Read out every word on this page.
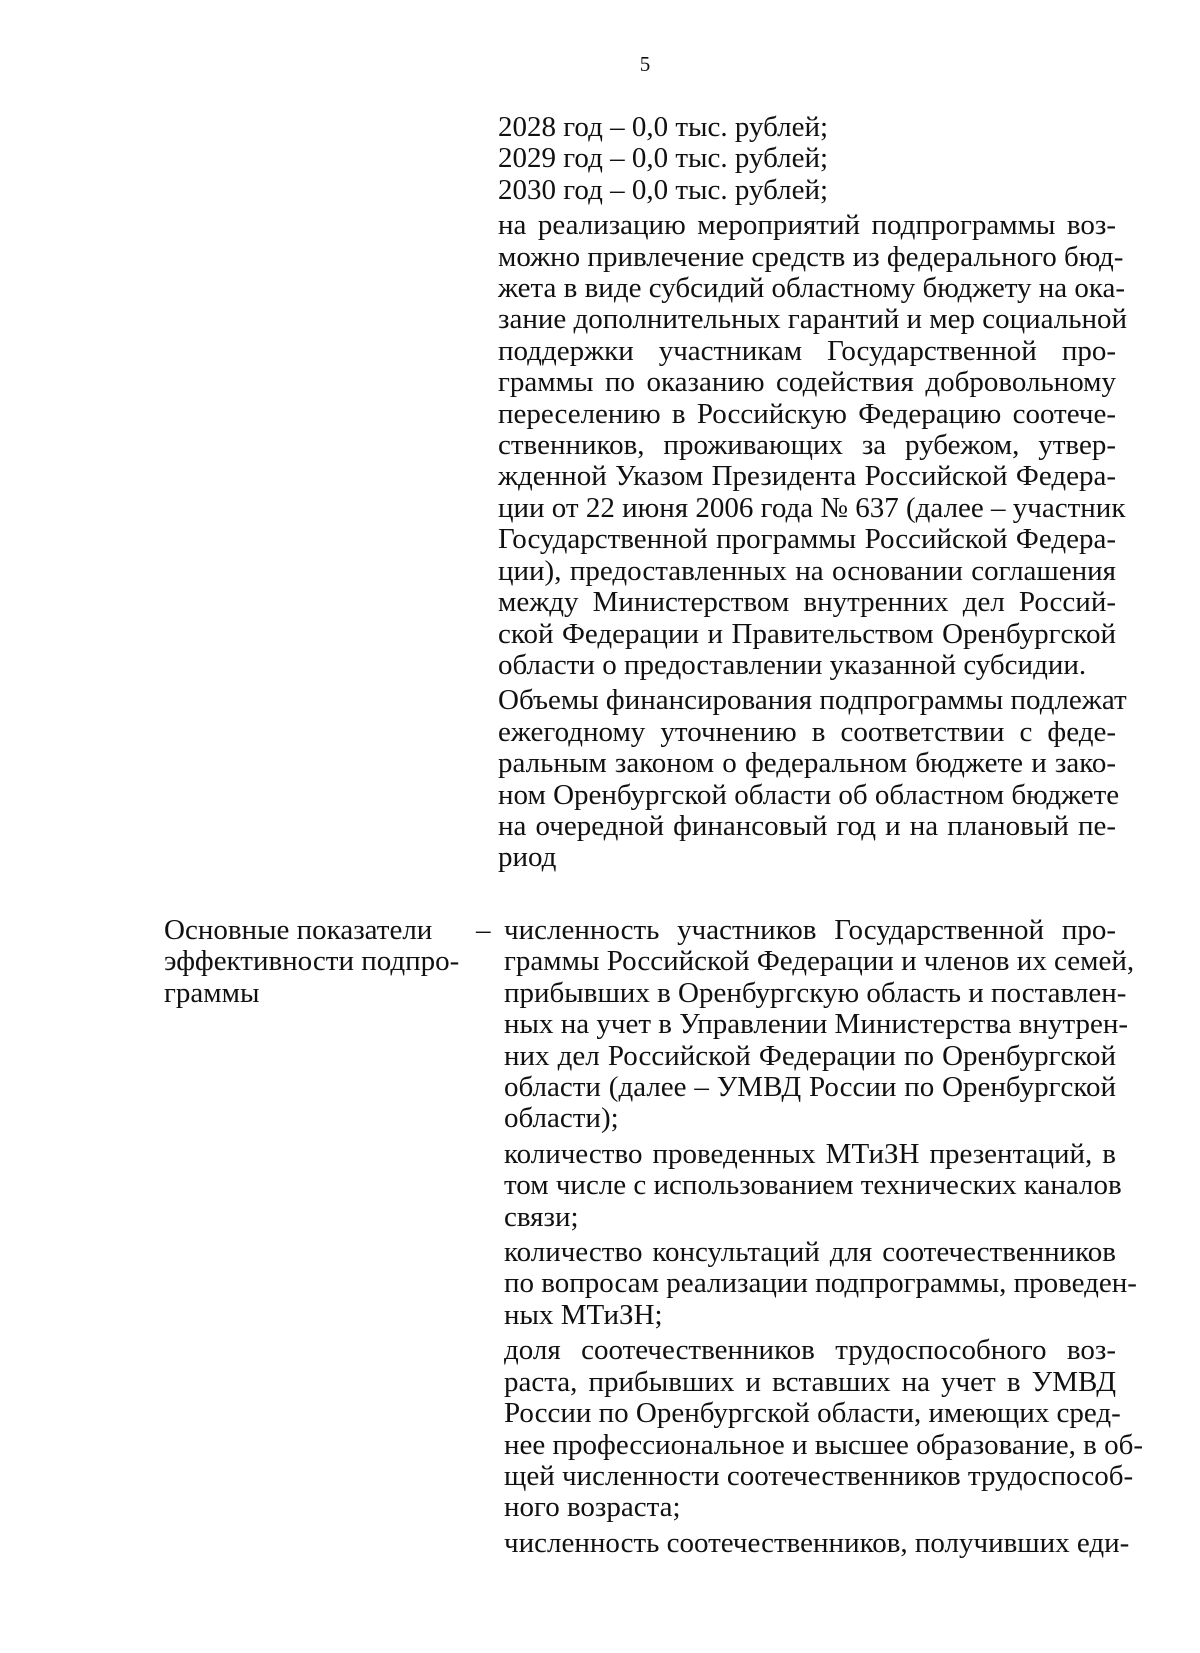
5

2028 год – 0,0 тыс. рублей;

2029 год – 0,0 тыс. рублей;

2030 год – 0,0 тыс. рублей;

на реализацию мероприятий подпрограммы воз-

можно привлечение средств из федерального бюд-

жета в виде субсидий областному бюджету на ока-

зание дополнительных гарантий и мер социальной

поддержки участникам Государственной про-

граммы по оказанию содействия добровольному

переселению в Российскую Федерацию соотече-

ственников, проживающих за рубежом, утвер-

жденной Указом Президента Российской Федера-

ции от 22 июня 2006 года № 637 (далее – участник

Государственной программы Российской Федера-

ции), предоставленных на основании соглашения

между Министерством внутренних дел Россий-

ской Федерации и Правительством Оренбургской

области о предоставлении указанной субсидии.

Объемы финансирования подпрограммы подлежат

ежегодному уточнению в соответствии с феде-

ральным законом о федеральном бюджете и зако-

ном Оренбургской области об областном бюджете

на очередной финансовый год и на плановый пе-

риод

Основные показатели

эффективности подпро-

граммы

– численность участников Государственной про-

граммы Российской Федерации и членов их семей,

прибывших в Оренбургскую область и поставлен-

ных на учет в Управлении Министерства внутрен-

них дел Российской Федерации по Оренбургской

области (далее – УМВД России по Оренбургской

области);

количество проведенных МТиЗН презентаций, в

том числе с использованием технических каналов

связи;

количество консультаций для соотечественников

по вопросам реализации подпрограммы, проведен-

ных МТиЗН;

доля соотечественников трудоспособного воз-

раста, прибывших и вставших на учет в УМВД

России по Оренбургской области, имеющих сред-

нее профессиональное и высшее образование, в об-

щей численности соотечественников трудоспособ-

ного возраста;

численность соотечественников, получивших еди-
